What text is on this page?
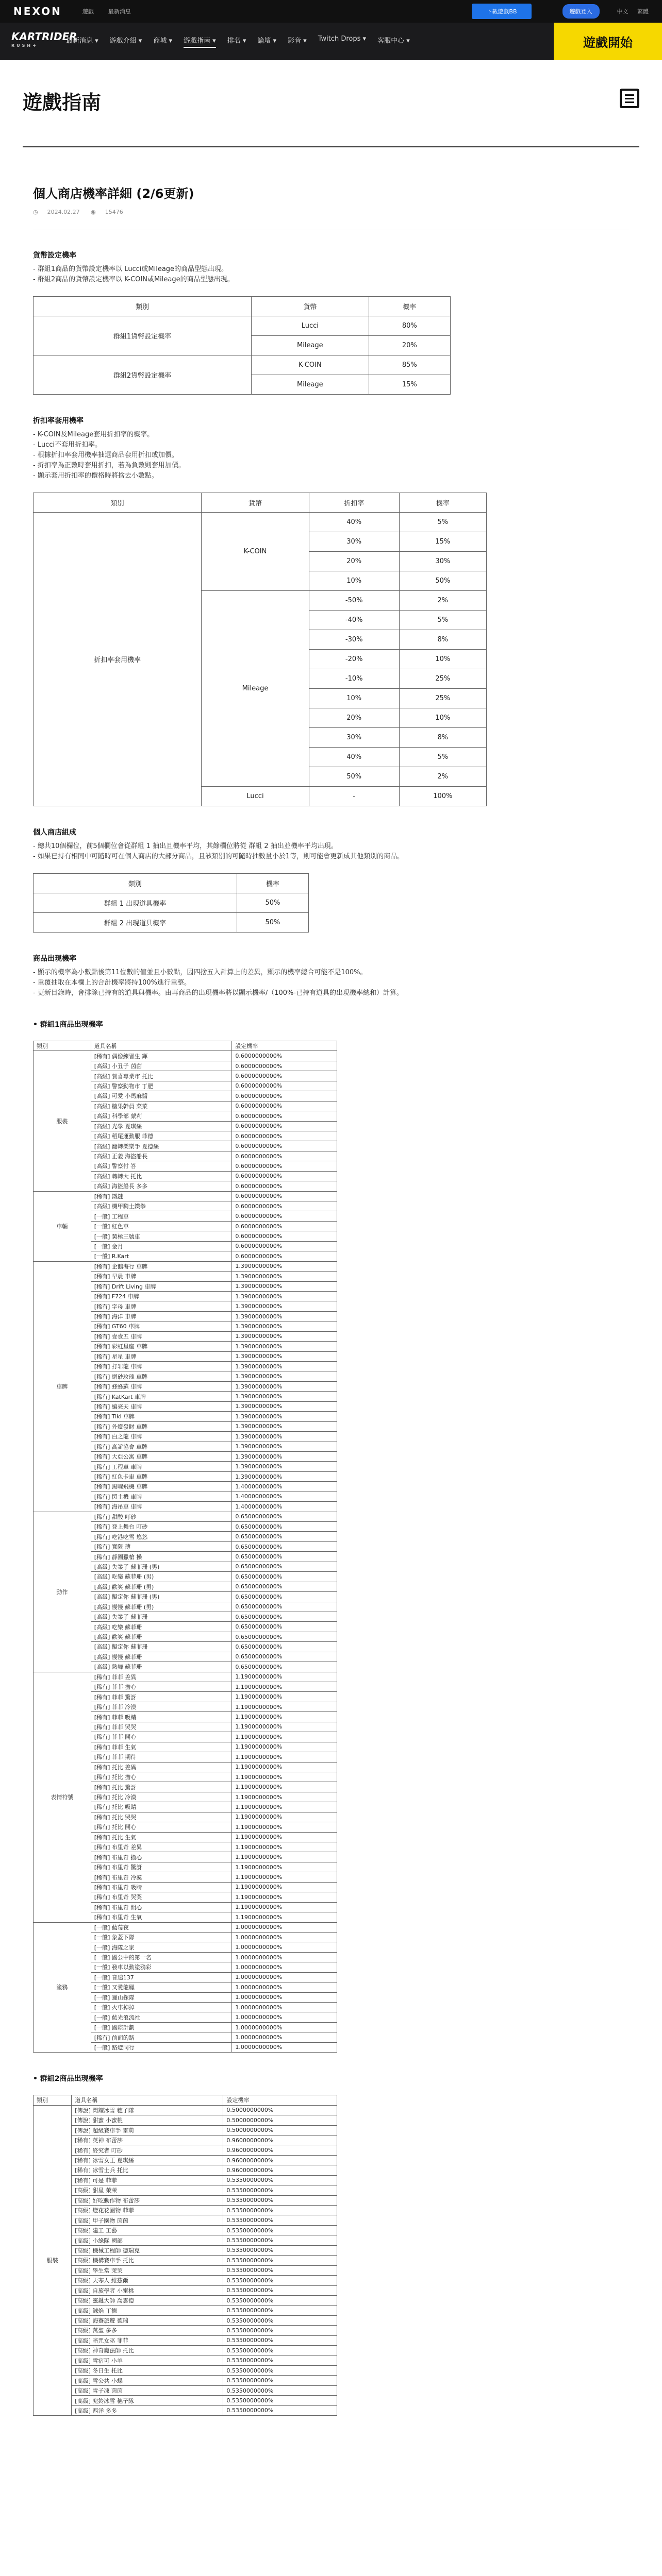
NEXON	遊戲	最新消息	下載遊戲BB	遊戲登入	中文 繁體
KARTRIDER
RUSH+
最新消息 ▾ 遊戲介紹 ▾ 商城 ▾ 遊戲指南 ▾ 排名 ▾ 論壇 ▾ 影音 ▾ Twitch Drops ▾ 客服中心 ▾	遊戲開始
遊戲指南
個人商店機率詳細 (2/6更新)
◷ 2024.02.27 ◉ 15476
貨幣設定機率
- 群組1商品的貨幣設定機率以 Lucci或Mileage的商品型態出現。
- 群組2商品的貨幣設定機率以 K-COIN或Mileage的商品型態出現。
類別	貨幣	機率
群組1貨幣設定機率	Lucci	80%
	Mileage	20%
群組2貨幣設定機率	K-COIN	85%
	Mileage	15%
折扣率套用機率
- K-COIN及Mileage套用折扣率的機率。
- Lucci不套用折扣率。
- 根據折扣率套用機率抽選商品套用折扣或加價。
- 折扣率為正數時套用折扣，若為負數則套用加價。
- 顯示套用折扣率的價格時將捨去小數點。
類別	貨幣	折扣率	機率
折扣率套用機率	K-COIN	40%	5%
		30%	15%
		20%	30%
		10%	50%
	Mileage	-50%	2%
		-40%	5%
		-30%	8%
		-20%	10%
		-10%	25%
		10%	25%
		20%	10%
		30%	8%
		40%	5%
		50%	2%
	Lucci	-	100%
個人商店組成
- 總共10個欄位，前5個欄位會從群組 1 抽出且機率平均，其餘欄位將從 群組 2 抽出並機率平均出現。
- 如果已持有相同中可隨時可在個人商店的大部分商品，且該類別的可隨時抽數量小於1等，則可能會更新成其他類別的商品。
類別	機率
群組 1 出現道具機率	50%
群組 2 出現道具機率	50%
商品出現機率
- 顯示的機率為小數點後第11位數的值並且小數點，因四捨五入計算上的差異，顯示的機率總合可能不是100%。
- 重覆抽取在本欄上的合計機率將持100%進行重整。
- 更新目錄時，會排除已持有的道具與機率。由再商品的出現機率將以顯示機率/（100%-已持有道具的出現機率總和）計算。
• 群組1商品出現機率
類別	道具名稱	設定機率
服裝	[稀有] 偶像練習生 輝	0.6000000000%
	[高級] 小丑子 茵茵	0.6000000000%
	[高級] 賀喜專業市 托比	0.6000000000%
	[高級] 警察動物市 丁肥	0.6000000000%
	[高級] 可愛 小馬麻醬	0.6000000000%
	[高級] 糖果幹員 菜菜	0.6000000000%
	[高級] 科學部 蒙莉	0.6000000000%
	[高級] 光學 夏琪絲	0.6000000000%
	[高級] 稻尾運動服 菲德	0.6000000000%
	[高級] 翻轉樂樂手 夏德絲	0.6000000000%
	[高級] 正義 海盜船長	0.6000000000%
	[高級] 警察付 答	0.6000000000%
	[高級] 轉轉大 托比	0.6000000000%
	[高級] 海盜船長 多多	0.6000000000%
車輛	[稀有] 鐵鏈	0.6000000000%
	[高級] 機甲騎士鐵拳	0.6000000000%
	[一般] 工程車	0.6000000000%
	[一般] 紅色車	0.6000000000%
	[一般] 黃極三號車	0.6000000000%
	[一般] 金月	0.6000000000%
	[一般] R.Kart	0.6000000000%
車牌	[稀有] 企鵝海行 車牌	1.3900000000%
	[稀有] 早晨 車牌	1.3900000000%
	[稀有] Drift Living 車牌	1.3900000000%
	[稀有] F724 車牌	1.3900000000%
	[稀有] 字母 車牌	1.3900000000%
	[稀有] 海洋 車牌	1.3900000000%
	[稀有] GT60 車牌	1.3900000000%
	[稀有] 壹壹五 車牌	1.3900000000%
	[稀有] 彩虹星座 車牌	1.3900000000%
	[稀有] 星星 車牌	1.3900000000%
	[稀有] 打罪龍 車牌	1.3900000000%
	[稀有] 網砂玫瑰 車牌	1.3900000000%
	[稀有] 蜂蜂蘇 車牌	1.3900000000%
	[稀有] KatKart 車牌	1.3900000000%
	[稀有] 編亮天 車牌	1.3900000000%
	[稀有] Tiki 車牌	1.3900000000%
	[稀有] 外燈發財 車牌	1.3900000000%
	[稀有] 白之龍 車牌	1.3900000000%
	[稀有] 高誼協會 車牌	1.3900000000%
	[稀有] 大亞公寓 車牌	1.3900000000%
	[稀有] 工程車 車牌	1.3900000000%
	[稀有] 紅色卡車 車牌	1.3900000000%
	[稀有] 黑曜飛機 車牌	1.4000000000%
	[稀有] 閃土機 車牌	1.4000000000%
	[稀有] 海吊車 車牌	1.4000000000%
動作	[稀有] 甜酸 叮砂	0.6500000000%
	[稀有] 登上舞台 叮砂	0.6500000000%
	[稀有] 吃港吃雪 悠悠	0.6500000000%
	[稀有] 寬限 薄	0.6500000000%
	[稀有] 靜園獵槍 操	0.6500000000%
	[高級] 失業了 蘇菲珊 (男)	0.6500000000%
	[高級] 吃樂 蘇菲珊 (男)	0.6500000000%
	[高級] 歡笑 蘇菲珊 (男)	0.6500000000%
	[高級] 擬定你 蘇菲珊 (男)	0.6500000000%
	[高級] 慢慢 蘇菲珊 (男)	0.6500000000%
	[高級] 失業了 蘇菲珊	0.6500000000%
	[高級] 吃樂 蘇菲珊	0.6500000000%
	[高級] 歡笑 蘇菲珊	0.6500000000%
	[高級] 擬定你 蘇菲珊	0.6500000000%
	[高級] 慢慢 蘇菲珊	0.6500000000%
	[高級] 熱舞 蘇菲珊	0.6500000000%
表情符號	[稀有] 菲菲 差異	1.1900000000%
	[稀有] 菲菲 擔心	1.1900000000%
	[稀有] 菲菲 驚訝	1.1900000000%
	[稀有] 菲菲 冷漠	1.1900000000%
	[稀有] 菲菲 吸睛	1.1900000000%
	[稀有] 菲菲 哭哭	1.1900000000%
	[稀有] 菲菲 開心	1.1900000000%
	[稀有] 菲菲 生氣	1.1900000000%
	[稀有] 菲菲 期待	1.1900000000%
	[稀有] 托比 差異	1.1900000000%
	[稀有] 托比 擔心	1.1900000000%
	[稀有] 托比 驚訝	1.1900000000%
	[稀有] 托比 冷漠	1.1900000000%
	[稀有] 托比 吸睛	1.1900000000%
	[稀有] 托比 哭哭	1.1900000000%
	[稀有] 托比 開心	1.1900000000%
	[稀有] 托比 生氣	1.1900000000%
	[稀有] 布里奇 差異	1.1900000000%
	[稀有] 布里奇 擔心	1.1900000000%
	[稀有] 布里奇 驚訝	1.1900000000%
	[稀有] 布里奇 冷漠	1.1900000000%
	[稀有] 布里奇 吸睛	1.1900000000%
	[稀有] 布里奇 哭哭	1.1900000000%
	[稀有] 布里奇 開心	1.1900000000%
	[稀有] 布里奇 生氣	1.1900000000%
塗鴉	[一般] 藍莓夜	1.0000000000%
	[一般] 象蓋下隊	1.0000000000%
	[一般] 海隊之家	1.0000000000%
	[一般] 國公中的第一名	1.0000000000%
	[一般] 發車以動塗鴉彩	1.0000000000%
	[一般] 音速137	1.0000000000%
	[一般] 又愛龍鳳	1.0000000000%
	[一般] 獵山探隊	1.0000000000%
	[一般] 火車掉掉	1.0000000000%
	[一般] 藍光浪流社	1.0000000000%
	[一般] 國際計劃	1.0000000000%
	[稀有] 前面的路	1.0000000000%
	[一般] 路燈同行	1.0000000000%
• 群組2商品出現機率
類別	道具名稱	設定機率
服裝	[傳說] 閃耀冰雪 穗子隊	0.5000000000%
	[傳說] 甜蜜 小蜜桃	0.5000000000%
	[傳說] 超級賽車手 雷莉	0.5000000000%
	[稀有] 英神 布蕾莎	0.9600000000%
	[稀有] 終究者 叮砂	0.9600000000%
	[稀有] 冰雪女王 夏琪絲	0.9600000000%
	[稀有] 冰雪士兵 托比	0.9600000000%
	[稀有] 可是 菲菲	0.5350000000%
	[高級] 甜星 茉茉	0.5350000000%
	[高級] 好吃動作物 布蕾莎	0.5350000000%
	[高級] 燈花花圈物 菲菲	0.5350000000%
	[高級] 甲子園物 茵茵	0.5350000000%
	[高級] 建工 工藝	0.5350000000%
	[高級] 小綠隊 國部	0.5350000000%
	[高級] 機械工程師 德瑞克	0.5350000000%
	[高級] 機構賽車手 托比	0.5350000000%
	[高級] 學生當 茉茉	0.5350000000%
	[高級] 天寒人 維茲爾	0.5350000000%
	[高級] 自旅學者 小蜜桃	0.5350000000%
	[高級] 靈鍵大師 喬雲德	0.5350000000%
	[高級] 鍊焰 丁德	0.5350000000%
	[高級] 海賽旅遊 德瑞	0.5350000000%
	[高級] 萬聖 多多	0.5350000000%
	[高級] 暗咒女巫 菲菲	0.5350000000%
	[高級] 神奇魔法師 托比	0.5350000000%
	[高級] 雪宿可 小羊	0.5350000000%
	[高級] 冬日生 托比	0.5350000000%
	[高級] 雪公共 小蝶	0.5350000000%
	[高級] 雪子凍 茵茵	0.5350000000%
	[高級] 兜鈴冰雪 穗子隊	0.5350000000%
	[高級] 西洋 多多	0.5350000000%
